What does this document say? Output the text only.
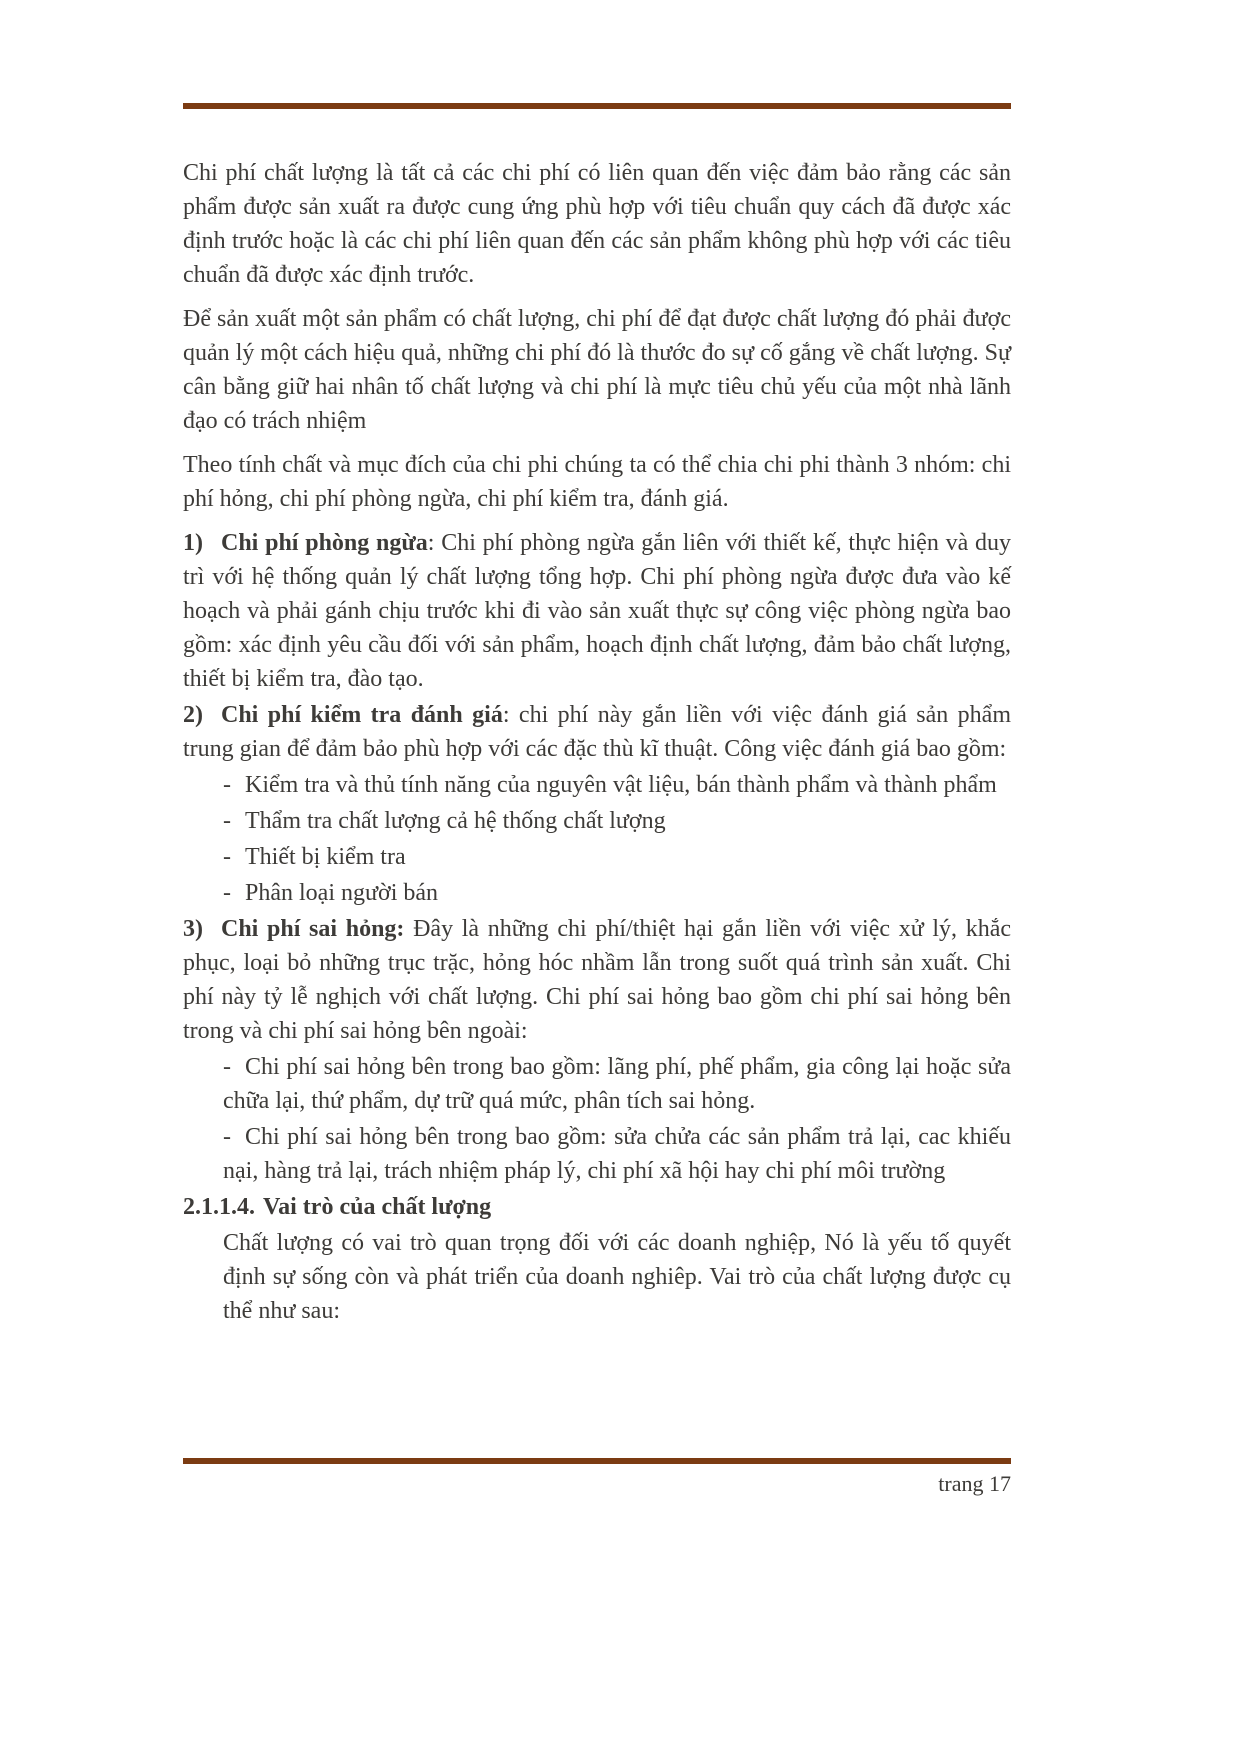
Chi phí chất lượng là tất cả các chi phí có liên quan đến việc đảm bảo rằng các sản phẩm được sản xuất ra được cung ứng phù hợp với tiêu chuẩn quy cách đã được xác định trước hoặc là các chi phí liên quan đến các sản phẩm không phù hợp với các tiêu chuẩn đã được xác định trước.

Để sản xuất một sản phẩm có chất lượng, chi phí để đạt được chất lượng đó phải được quản lý một cách hiệu quả, những chi phí đó là thước đo sự cố gắng về chất lượng. Sự cân bằng giữ hai nhân tố chất lượng và chi phí là mực tiêu chủ yếu của một nhà lãnh đạo có trách nhiệm

Theo tính chất và mục đích của chi phi chúng ta có thể chia chi phi thành 3 nhóm: chi phí hỏng, chi phí phòng ngừa, chi phí kiểm tra, đánh giá.

1) Chi phí phòng ngừa: Chi phí phòng ngừa gắn liên với thiết kế, thực hiện và duy trì với hệ thống quản lý chất lượng tổng hợp. Chi phí phòng ngừa được đưa vào kế hoạch và phải gánh chịu trước khi đi vào sản xuất thực sự công việc phòng ngừa bao gồm: xác định yêu cầu đối với sản phẩm, hoạch định chất lượng, đảm bảo chất lượng, thiết bị kiểm tra, đào tạo.

2) Chi phí kiểm tra đánh giá: chi phí này gắn liền với việc đánh giá sản phẩm trung gian để đảm bảo phù hợp với các đặc thù kĩ thuật. Công việc đánh giá bao gồm:

- Kiểm tra và thủ tính năng của nguyên vật liệu, bán thành phẩm và thành phẩm

- Thẩm tra chất lượng cả hệ thống chất lượng

- Thiết bị kiểm tra

- Phân loại người bán

3) Chi phí sai hỏng: Đây là những chi phí/thiệt hại gắn liền với việc xử lý, khắc phục, loại bỏ những trục trặc, hỏng hóc nhầm lẫn trong suốt quá trình sản xuất. Chi phí này tỷ lễ nghịch với chất lượng. Chi phí sai hỏng bao gồm chi phí sai hỏng bên trong và chi phí sai hỏng bên ngoài:

- Chi phí sai hỏng bên trong bao gồm: lãng phí, phế phẩm, gia công lại hoặc sửa chữa lại, thứ phẩm, dự trữ quá mức, phân tích sai hỏng.

- Chi phí sai hỏng bên trong bao gồm: sửa chửa các sản phẩm trả lại, cac khiếu nại, hàng trả lại, trách nhiệm pháp lý, chi phí xã hội hay chi phí môi trường

2.1.1.4. Vai trò của chất lượng

Chất lượng có vai trò quan trọng đối với các doanh nghiệp, Nó là yếu tố quyết định sự sống còn và phát triển của doanh nghiêp. Vai trò của chất lượng được cụ thể như sau:

trang 17
